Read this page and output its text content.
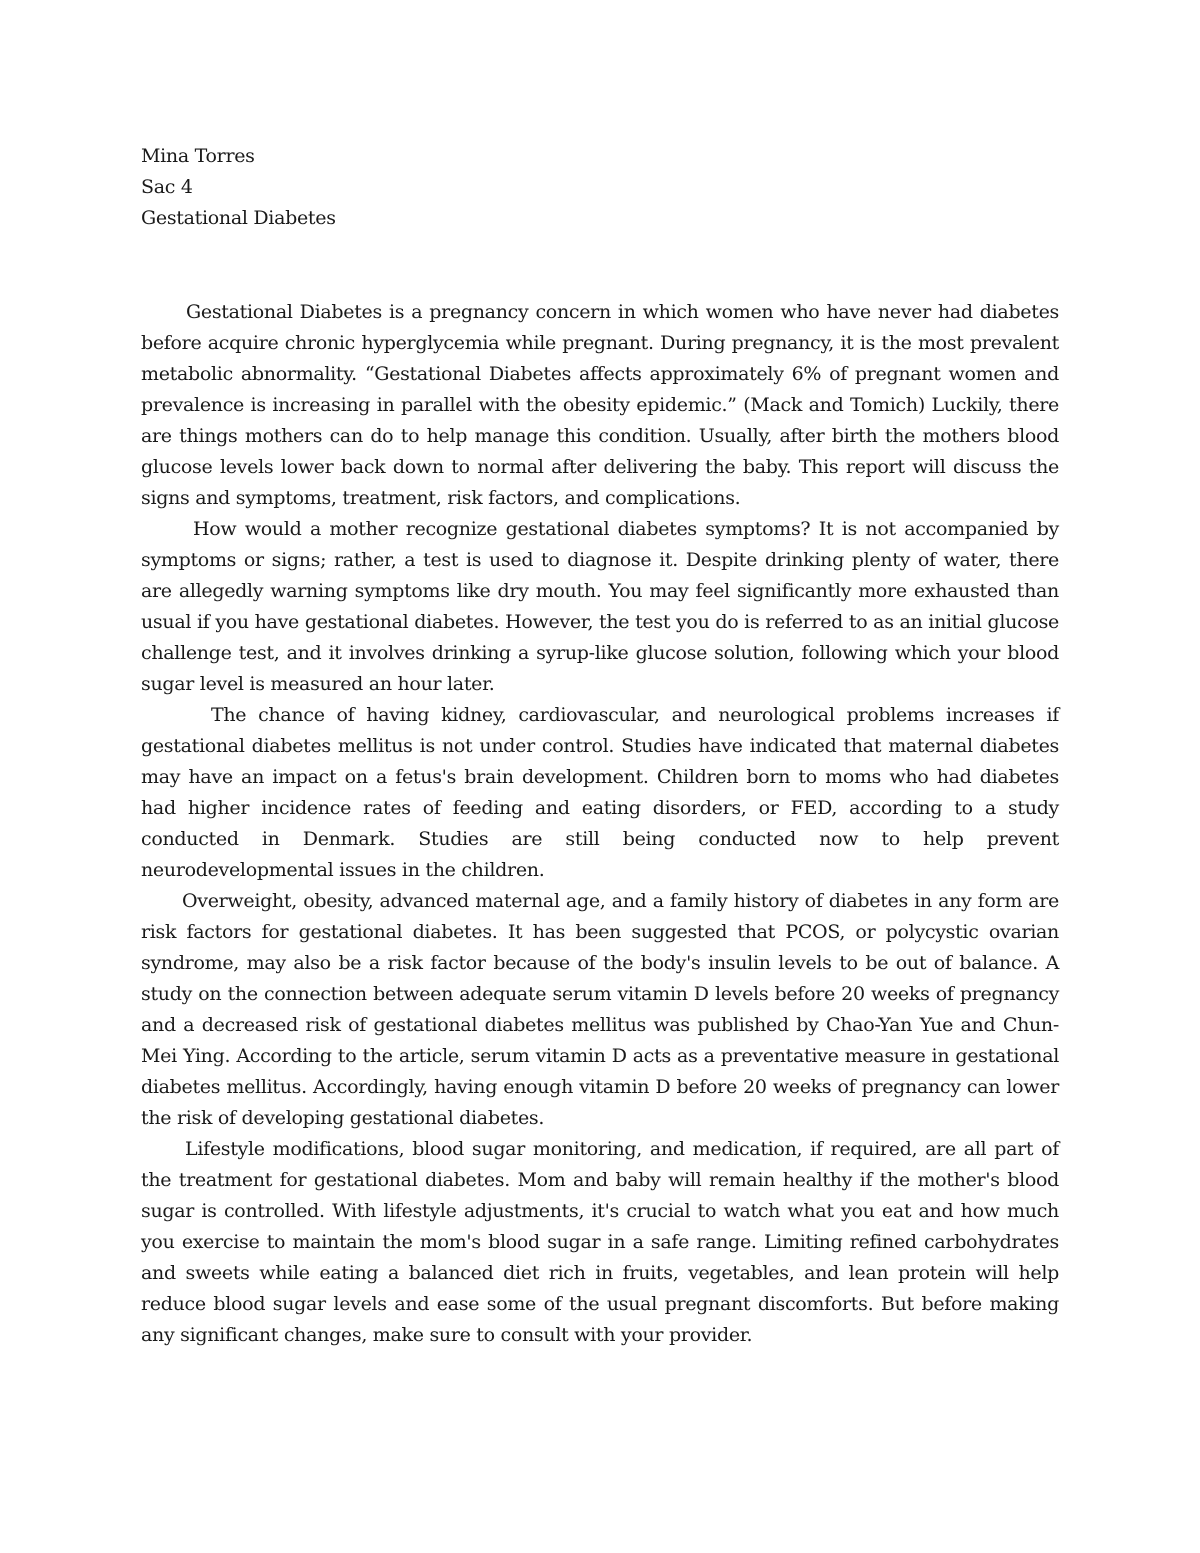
Mina Torres

Sac 4

Gestational Diabetes

Gestational Diabetes is a pregnancy concern in which women who have never had diabetes before acquire chronic hyperglycemia while pregnant. During pregnancy, it is the most prevalent metabolic abnormality. “Gestational Diabetes affects approximately 6% of pregnant women and prevalence is increasing in parallel with the obesity epidemic.” (Mack and Tomich) Luckily, there are things mothers can do to help manage this condition. Usually, after birth the mothers blood glucose levels lower back down to normal after delivering the baby. This report will discuss the signs and symptoms, treatment, risk factors, and complications.

How would a mother recognize gestational diabetes symptoms? It is not accompanied by symptoms or signs; rather, a test is used to diagnose it. Despite drinking plenty of water, there are allegedly warning symptoms like dry mouth. You may feel significantly more exhausted than usual if you have gestational diabetes. However, the test you do is referred to as an initial glucose challenge test, and it involves drinking a syrup-like glucose solution, following which your blood sugar level is measured an hour later.

The chance of having kidney, cardiovascular, and neurological problems increases if gestational diabetes mellitus is not under control. Studies have indicated that maternal diabetes may have an impact on a fetus's brain development. Children born to moms who had diabetes had higher incidence rates of feeding and eating disorders, or FED, according to a study conducted in Denmark. Studies are still being conducted now to help prevent neurodevelopmental issues in the children.

Overweight, obesity, advanced maternal age, and a family history of diabetes in any form are risk factors for gestational diabetes. It has been suggested that PCOS, or polycystic ovarian syndrome, may also be a risk factor because of the body's insulin levels to be out of balance. A study on the connection between adequate serum vitamin D levels before 20 weeks of pregnancy and a decreased risk of gestational diabetes mellitus was published by Chao-Yan Yue and Chun-Mei Ying. According to the article, serum vitamin D acts as a preventative measure in gestational diabetes mellitus. Accordingly, having enough vitamin D before 20 weeks of pregnancy can lower the risk of developing gestational diabetes.

Lifestyle modifications, blood sugar monitoring, and medication, if required, are all part of the treatment for gestational diabetes. Mom and baby will remain healthy if the mother's blood sugar is controlled. With lifestyle adjustments, it's crucial to watch what you eat and how much you exercise to maintain the mom's blood sugar in a safe range. Limiting refined carbohydrates and sweets while eating a balanced diet rich in fruits, vegetables, and lean protein will help reduce blood sugar levels and ease some of the usual pregnant discomforts. But before making any significant changes, make sure to consult with your provider.
